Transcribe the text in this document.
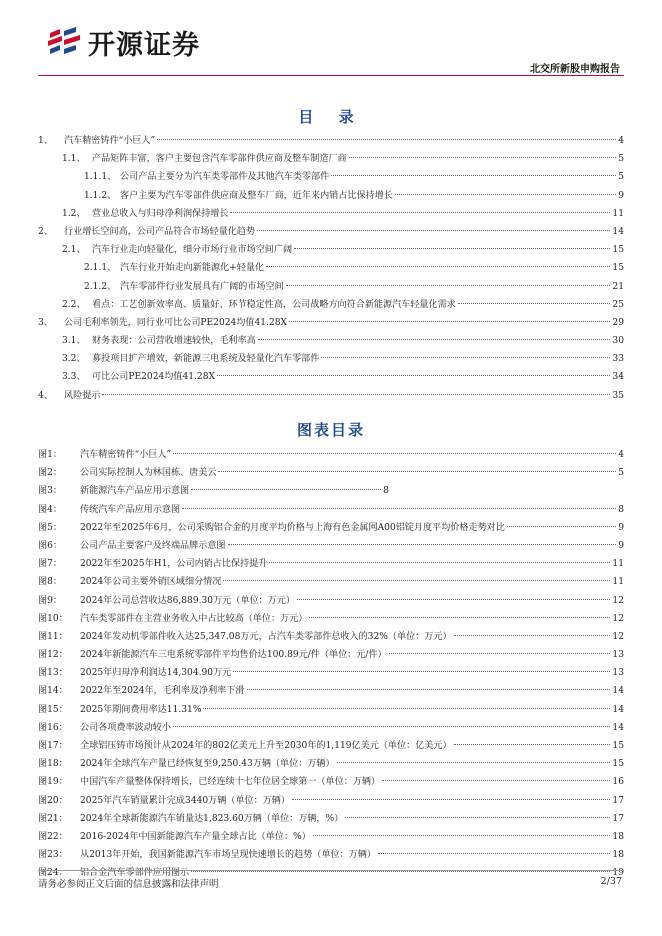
开源证券
北交所新股申购报告
目 录
1、	汽车精密铸件“小巨人”	4
1.1、 产品矩阵丰富，客户主要包含汽车零部件供应商及整车制造厂商	5
1.1.1、 公司产品主要分为汽车类零部件及其他汽车类零部件	5
1.1.2、 客户主要为汽车零部件供应商及整车厂商，近年来内销占比保持增长	9
1.2、 营业总收入与归母净利润保持增长	11
2、	行业增长空间高，公司产品符合市场轻量化趋势	14
2.1、 汽车行业走向轻量化，细分市场行业市场空间广阔	15
2.1.1、 汽车行业开始走向新能源化+轻量化	15
2.1.2、 汽车零部件行业发展具有广阔的市场空间	21
2.2、 看点：工艺创新效率高、质量好、环节稳定性高，公司战略方向符合新能源汽车轻量化需求	25
3、	公司毛利率领先，同行业可比公司PE2024均值41.28X	29
3.1、 财务表现：公司营收增速较快，毛利率高	30
3.2、 募投项目扩产增效，新能源三电系统及轻量化汽车零部件	33
3.3、 可比公司PE2024均值41.28X	34
4、	风险提示	35
图表目录
图1：	汽车精密铸件“小巨人”	4
图2：	公司实际控制人为林国栋、唐美云	5
图3：	新能源汽车产品应用示意图	8
图4：	传统汽车产品应用示意图	8
图5：	2022年至2025年6月，公司采购铝合金的月度平均价格与上海有色金属网A00铝锭月度平均价格走势对比	9
图6：	公司产品主要客户及终端品牌示意图	9
图7：	2022年至2025年H1，公司内销占比保持提升	11
图8：	2024年公司主要外销区域细分情况	11
图9：	2024年公司总营收达86,889.30万元（单位：万元）	12
图10：	汽车类零部件在主营业务收入中占比较高（单位：万元）	12
图11：	2024年发动机零部件收入达25,347.08万元，占汽车类零部件总收入的32%（单位：万元）	12
图12：	2024年新能源汽车三电系统零部件平均售价达100.89元/件（单位：元/件）	13
图13：	2025年归母净利润达14,304.90万元	13
图14：	2022年至2024年，毛利率及净利率下滑	14
图15：	2025年期间费用率达11.31%	14
图16：	公司各项费率波动较小	14
图17：	全球铝压铸市场预计从2024年的802亿美元上升至2030年的1,119亿美元（单位：亿美元）	15
图18：	2024年全球汽车产量已经恢复至9,250.43万辆（单位：万辆）	15
图19：	中国汽车产量整体保持增长，已经连续十七年位居全球第一（单位：万辆）	16
图20：	2025年汽车销量累计完成3440万辆（单位：万辆）	17
图21：	2024年全球新能源汽车销量达1,823.60万辆（单位：万辆，%）	17
图22：	2016-2024年中国新能源汽车产量全球占比（单位：%）	18
图23：	从2013年开始，我国新能源汽车市场呈现快速增长的趋势（单位：万辆）	18
图24：	铝合金汽车零部件应用图示	19
请务必参阅正文后面的信息披露和法律声明	2/37
